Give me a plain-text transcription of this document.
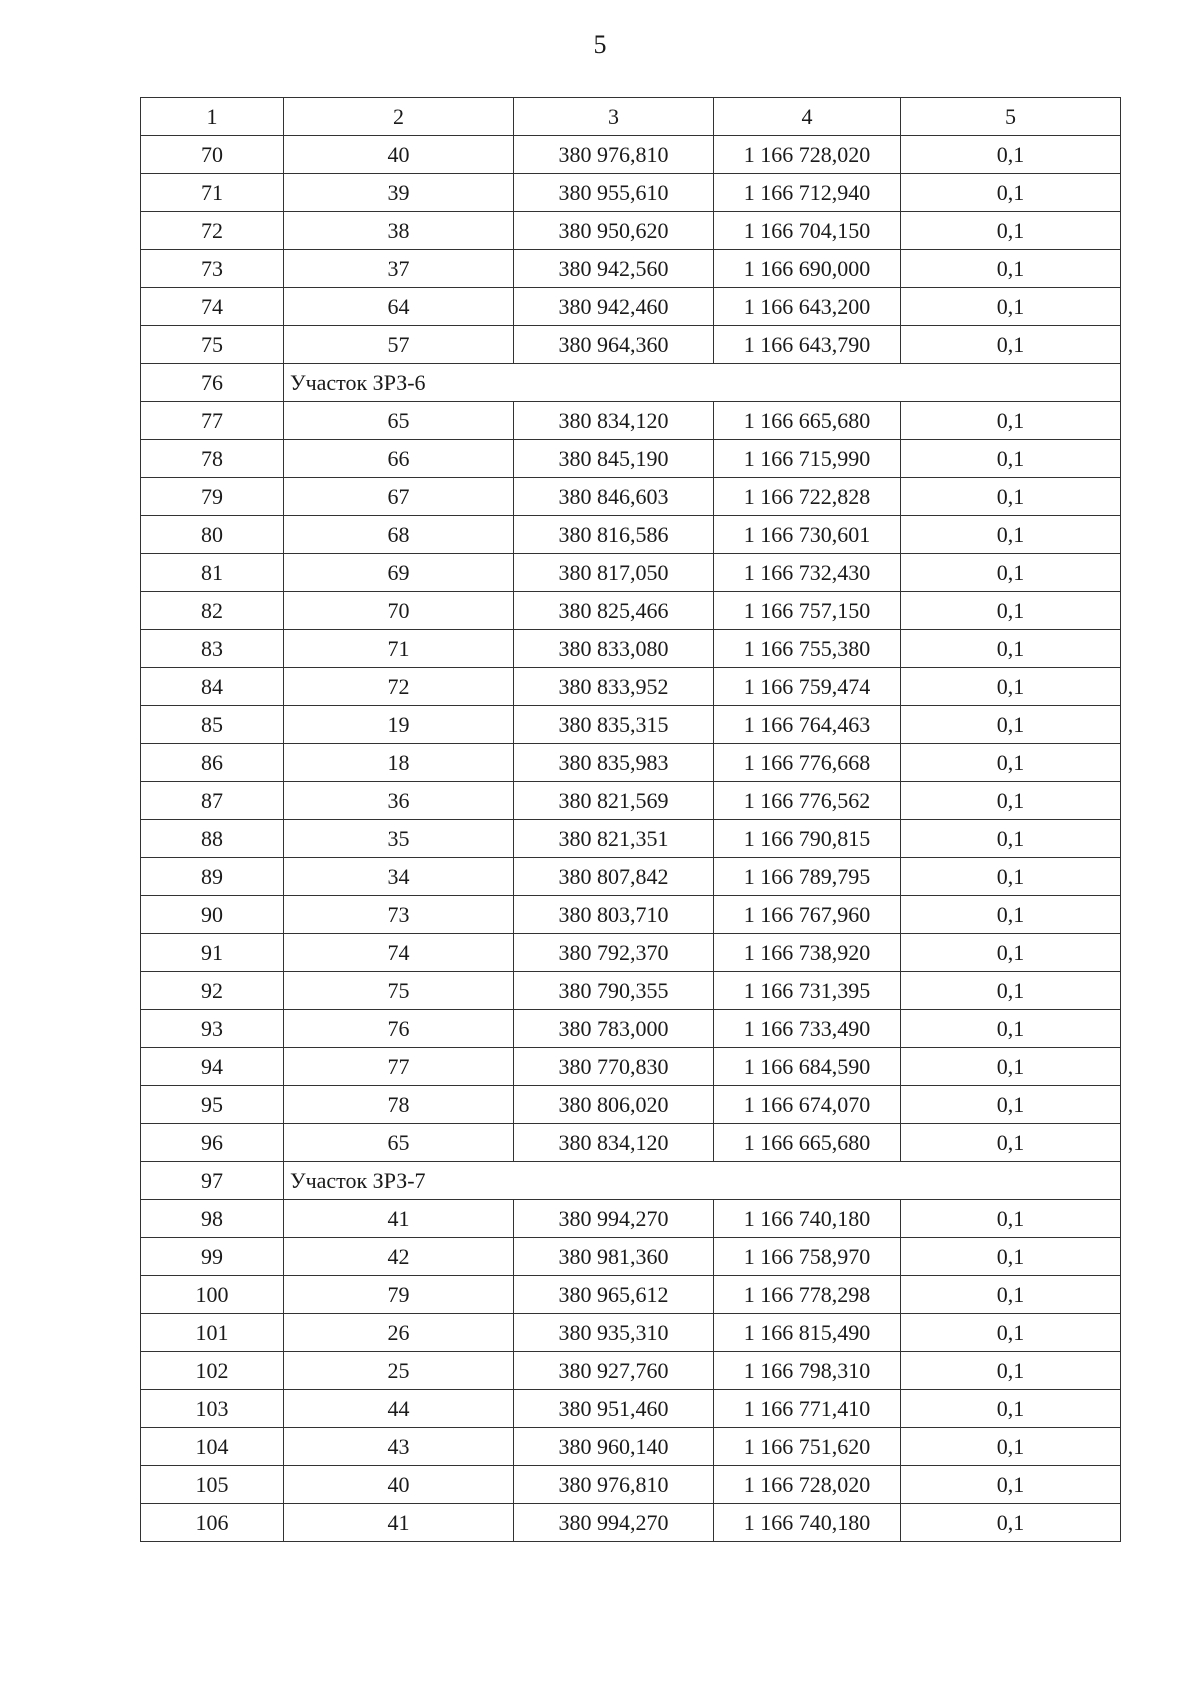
5
1	2	3	4	5
70	40	380 976,810	1 166 728,020	0,1
71	39	380 955,610	1 166 712,940	0,1
72	38	380 950,620	1 166 704,150	0,1
73	37	380 942,560	1 166 690,000	0,1
74	64	380 942,460	1 166 643,200	0,1
75	57	380 964,360	1 166 643,790	0,1
76	Участок ЗРЗ-6			
77	65	380 834,120	1 166 665,680	0,1
78	66	380 845,190	1 166 715,990	0,1
79	67	380 846,603	1 166 722,828	0,1
80	68	380 816,586	1 166 730,601	0,1
81	69	380 817,050	1 166 732,430	0,1
82	70	380 825,466	1 166 757,150	0,1
83	71	380 833,080	1 166 755,380	0,1
84	72	380 833,952	1 166 759,474	0,1
85	19	380 835,315	1 166 764,463	0,1
86	18	380 835,983	1 166 776,668	0,1
87	36	380 821,569	1 166 776,562	0,1
88	35	380 821,351	1 166 790,815	0,1
89	34	380 807,842	1 166 789,795	0,1
90	73	380 803,710	1 166 767,960	0,1
91	74	380 792,370	1 166 738,920	0,1
92	75	380 790,355	1 166 731,395	0,1
93	76	380 783,000	1 166 733,490	0,1
94	77	380 770,830	1 166 684,590	0,1
95	78	380 806,020	1 166 674,070	0,1
96	65	380 834,120	1 166 665,680	0,1
97	Участок ЗРЗ-7			
98	41	380 994,270	1 166 740,180	0,1
99	42	380 981,360	1 166 758,970	0,1
100	79	380 965,612	1 166 778,298	0,1
101	26	380 935,310	1 166 815,490	0,1
102	25	380 927,760	1 166 798,310	0,1
103	44	380 951,460	1 166 771,410	0,1
104	43	380 960,140	1 166 751,620	0,1
105	40	380 976,810	1 166 728,020	0,1
106	41	380 994,270	1 166 740,180	0,1
